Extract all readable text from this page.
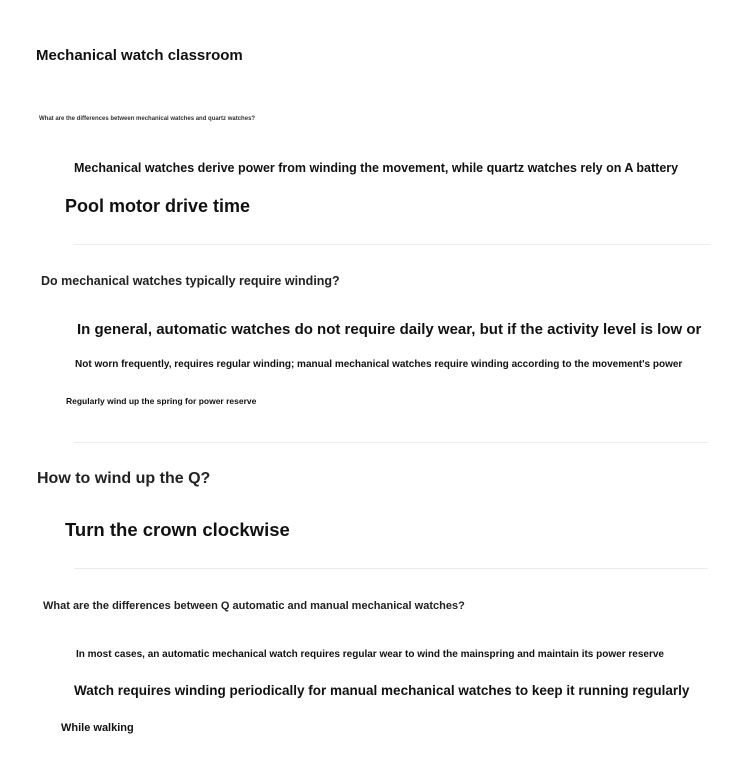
Mechanical watch classroom
What are the differences between mechanical watches and quartz watches?
Mechanical watches derive power from winding the movement, while quartz watches rely on A battery
Pool motor drive time
Do mechanical watches typically require winding?
In general, automatic watches do not require daily wear, but if the activity level is low or
Not worn frequently, requires regular winding; manual mechanical watches require winding according to the movement's power
Regularly wind up the spring for power reserve
How to wind up the Q?
Turn the crown clockwise
What are the differences between Q automatic and manual mechanical watches?
In most cases, an automatic mechanical watch requires regular wear to wind the mainspring and maintain its power reserve
Watch requires winding periodically for manual mechanical watches to keep it running regularly
While walking
